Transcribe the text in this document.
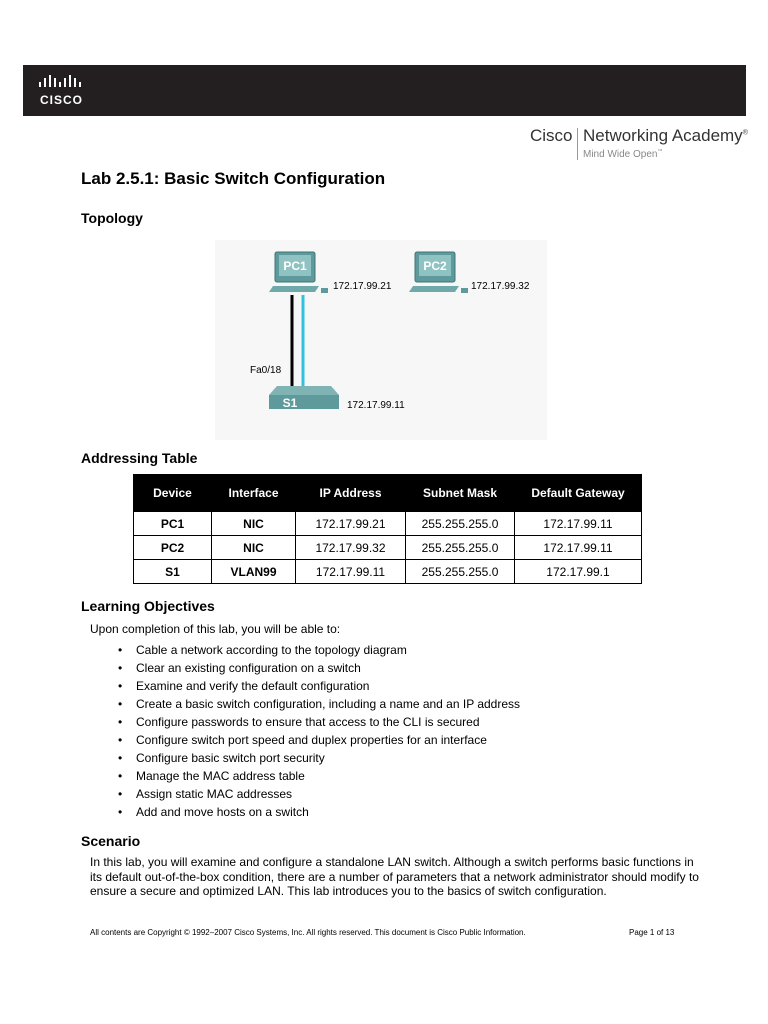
CISCO
Cisco Networking Academy®
Mind Wide Open™
Lab 2.5.1: Basic Switch Configuration
Topology
PC1	PC2
S1
172.17.99.21	172.17.99.32
172.17.99.11
Fa0/18
Addressing Table
Device	Interface	IP Address	Subnet Mask	Default Gateway
PC1	NIC	172.17.99.21	255.255.255.0	172.17.99.11
PC2	NIC	172.17.99.32	255.255.255.0	172.17.99.11
S1	VLAN99	172.17.99.11	255.255.255.0	172.17.99.1
Learning Objectives
Upon completion of this lab, you will be able to:
• Cable a network according to the topology diagram
• Clear an existing configuration on a switch
• Examine and verify the default configuration
• Create a basic switch configuration, including a name and an IP address
• Configure passwords to ensure that access to the CLI is secured
• Configure switch port speed and duplex properties for an interface
• Configure basic switch port security
• Manage the MAC address table
• Assign static MAC addresses
• Add and move hosts on a switch
Scenario
In this lab, you will examine and configure a standalone LAN switch. Although a switch performs basic functions in its default out-of-the-box condition, there are a number of parameters that a network administrator should modify to ensure a secure and optimized LAN. This lab introduces you to the basics of switch configuration.
All contents are Copyright © 1992–2007 Cisco Systems, Inc. All rights reserved. This document is Cisco Public Information.	Page 1 of 13
